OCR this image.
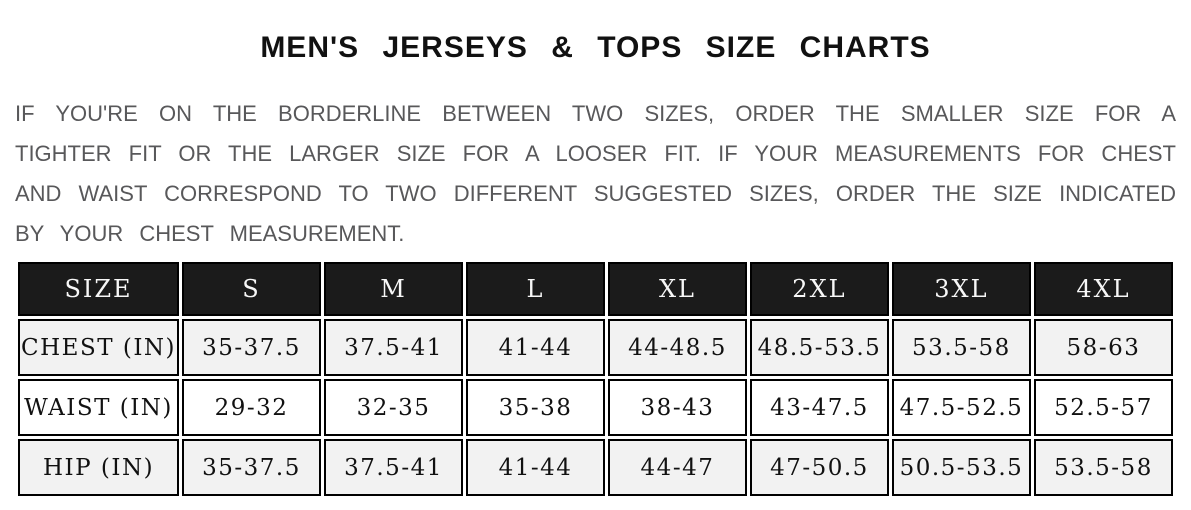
MEN'S JERSEYS & TOPS SIZE CHARTS
IF YOU'RE ON THE BORDERLINE BETWEEN TWO SIZES, ORDER THE SMALLER SIZE FOR A
TIGHTER FIT OR THE LARGER SIZE FOR A LOOSER FIT. IF YOUR MEASUREMENTS FOR CHEST
AND WAIST CORRESPOND TO TWO DIFFERENT SUGGESTED SIZES, ORDER THE SIZE INDICATED
BY YOUR CHEST MEASUREMENT.
SIZE	S	M	L	XL	2XL	3XL	4XL
CHEST (IN)	35-37.5	37.5-41	41-44	44-48.5	48.5-53.5	53.5-58	58-63
WAIST (IN)	29-32	32-35	35-38	38-43	43-47.5	47.5-52.5	52.5-57
HIP (IN)	35-37.5	37.5-41	41-44	44-47	47-50.5	50.5-53.5	53.5-58
